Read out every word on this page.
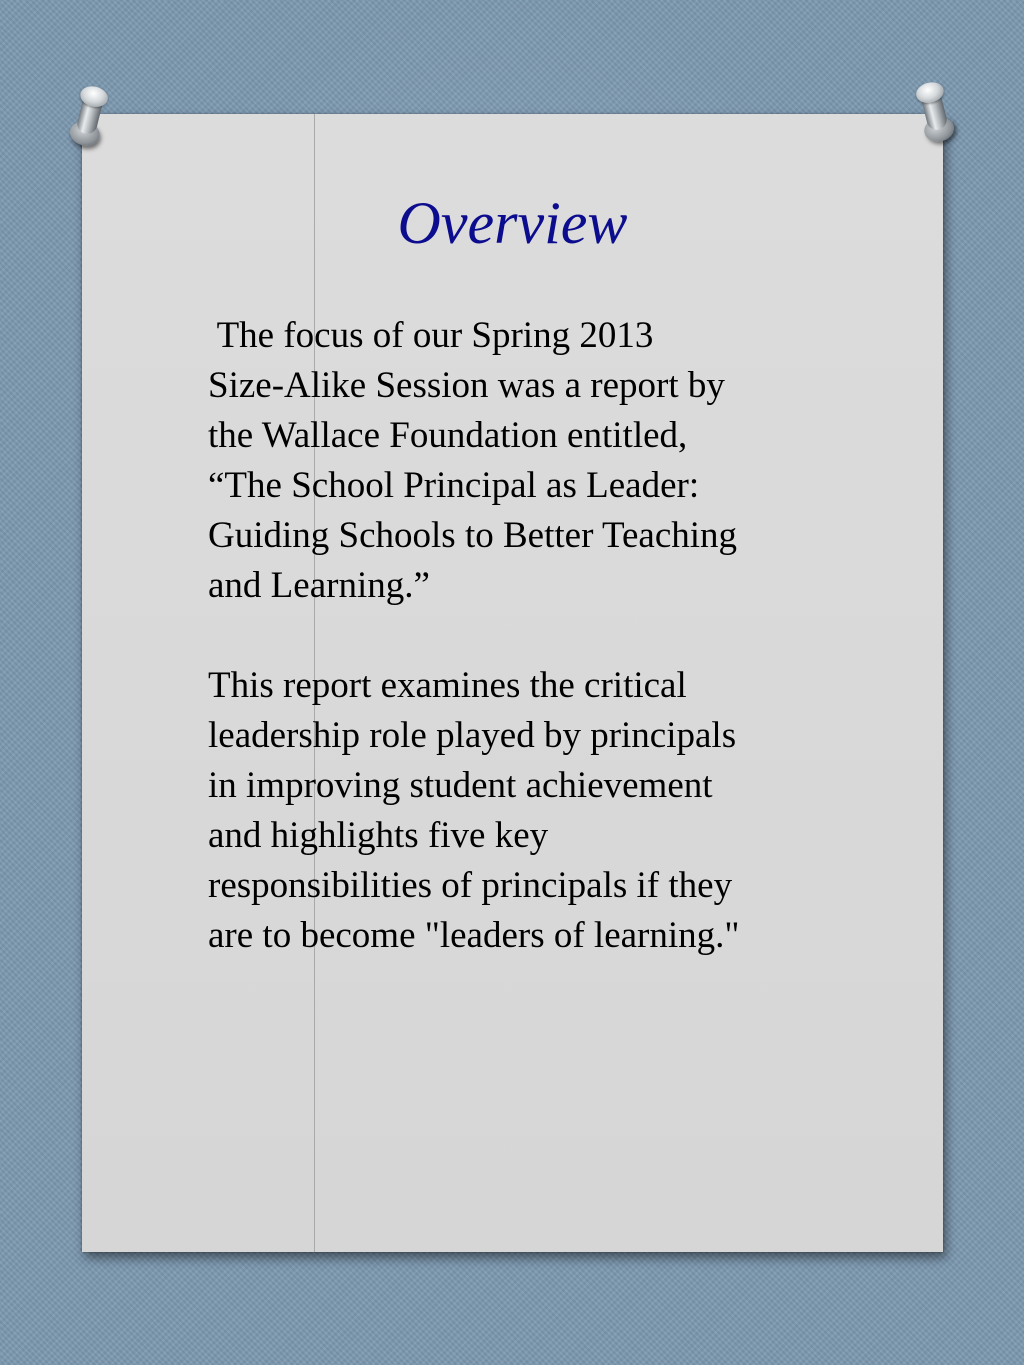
Overview

The focus of our Spring 2013
Size-Alike Session was a report by
the Wallace Foundation entitled,
“The School Principal as Leader:
Guiding Schools to Better Teaching
and Learning.”

This report examines the critical
leadership role played by principals
in improving student achievement
and highlights five key
responsibilities of principals if they
are to become "leaders of learning."
